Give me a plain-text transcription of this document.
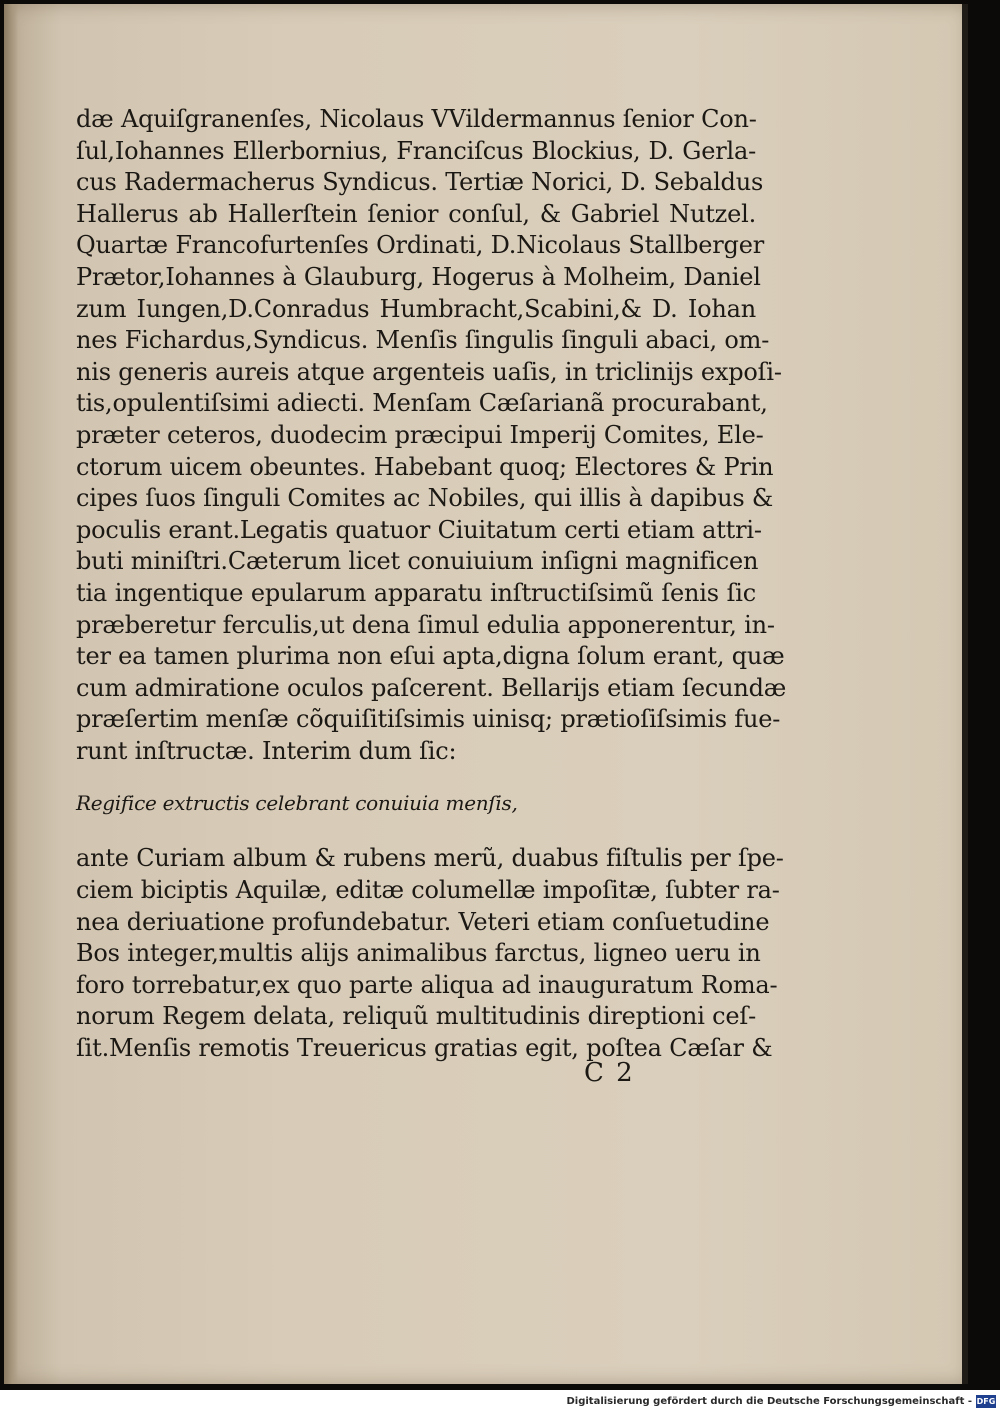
dæ Aquiſgranenſes, Nicolaus VVildermannus ſenior Con-
ſul,Iohannes Ellerbornius, Franciſcus Blockius, D. Gerla-
cus Radermacherus Syndicus. Tertiæ Norici, D. Sebaldus
Hallerus ab Hallerſtein ſenior conſul, & Gabriel Nutzel.
Quartæ Francofurtenſes Ordinati, D.Nicolaus Stallberger
Prætor,Iohannes à Glauburg, Hogerus à Molheim, Daniel
zum Iungen,D.Conradus Humbracht,Scabini,& D. Iohan
nes Fichardus,Syndicus. Menſis ſingulis ſinguli abaci, om-
nis generis aureis atque argenteis uaſis, in triclinijs expoſi-
tis,opulentiſsimi adiecti. Menſam Cæſarianã procurabant,
præter ceteros, duodecim præcipui Imperij Comites, Ele-
ctorum uicem obeuntes. Habebant quoq; Electores & Prin
cipes ſuos ſinguli Comites ac Nobiles, qui illis à dapibus &
poculis erant.Legatis quatuor Ciuitatum certi etiam attri-
buti miniſtri.Cæterum licet conuiuium inſigni magnificen
tia ingentique epularum apparatu inſtructiſsimũ ſenis ſic
præberetur ferculis,ut dena ſimul edulia apponerentur, in-
ter ea tamen plurima non eſui apta,digna ſolum erant, quæ
cum admiratione oculos paſcerent. Bellarijs etiam ſecundæ
præſertim menſæ cõquiſitiſsimis uinisq; prætioſiſsimis fue-
runt inſtructæ. Interim dum ſic:
Regifice extructis celebrant conuiuia menſis,
ante Curiam album & rubens merũ, duabus fiſtulis per ſpe-
ciem biciptis Aquilæ, editæ columellæ impoſitæ, ſubter ra-
nea deriuatione profundebatur. Veteri etiam conſuetudine
Bos integer,multis alijs animalibus farctus, ligneo ueru in
foro torrebatur,ex quo parte aliqua ad inauguratum Roma-
norum Regem delata, reliquũ multitudinis direptioni ceſ-
ſit.Menſis remotis Treuericus gratias egit, poſtea Cæſar &
C 2
Digitalisierung gefördert durch die Deutsche Forschungsgemeinschaft - DFG
